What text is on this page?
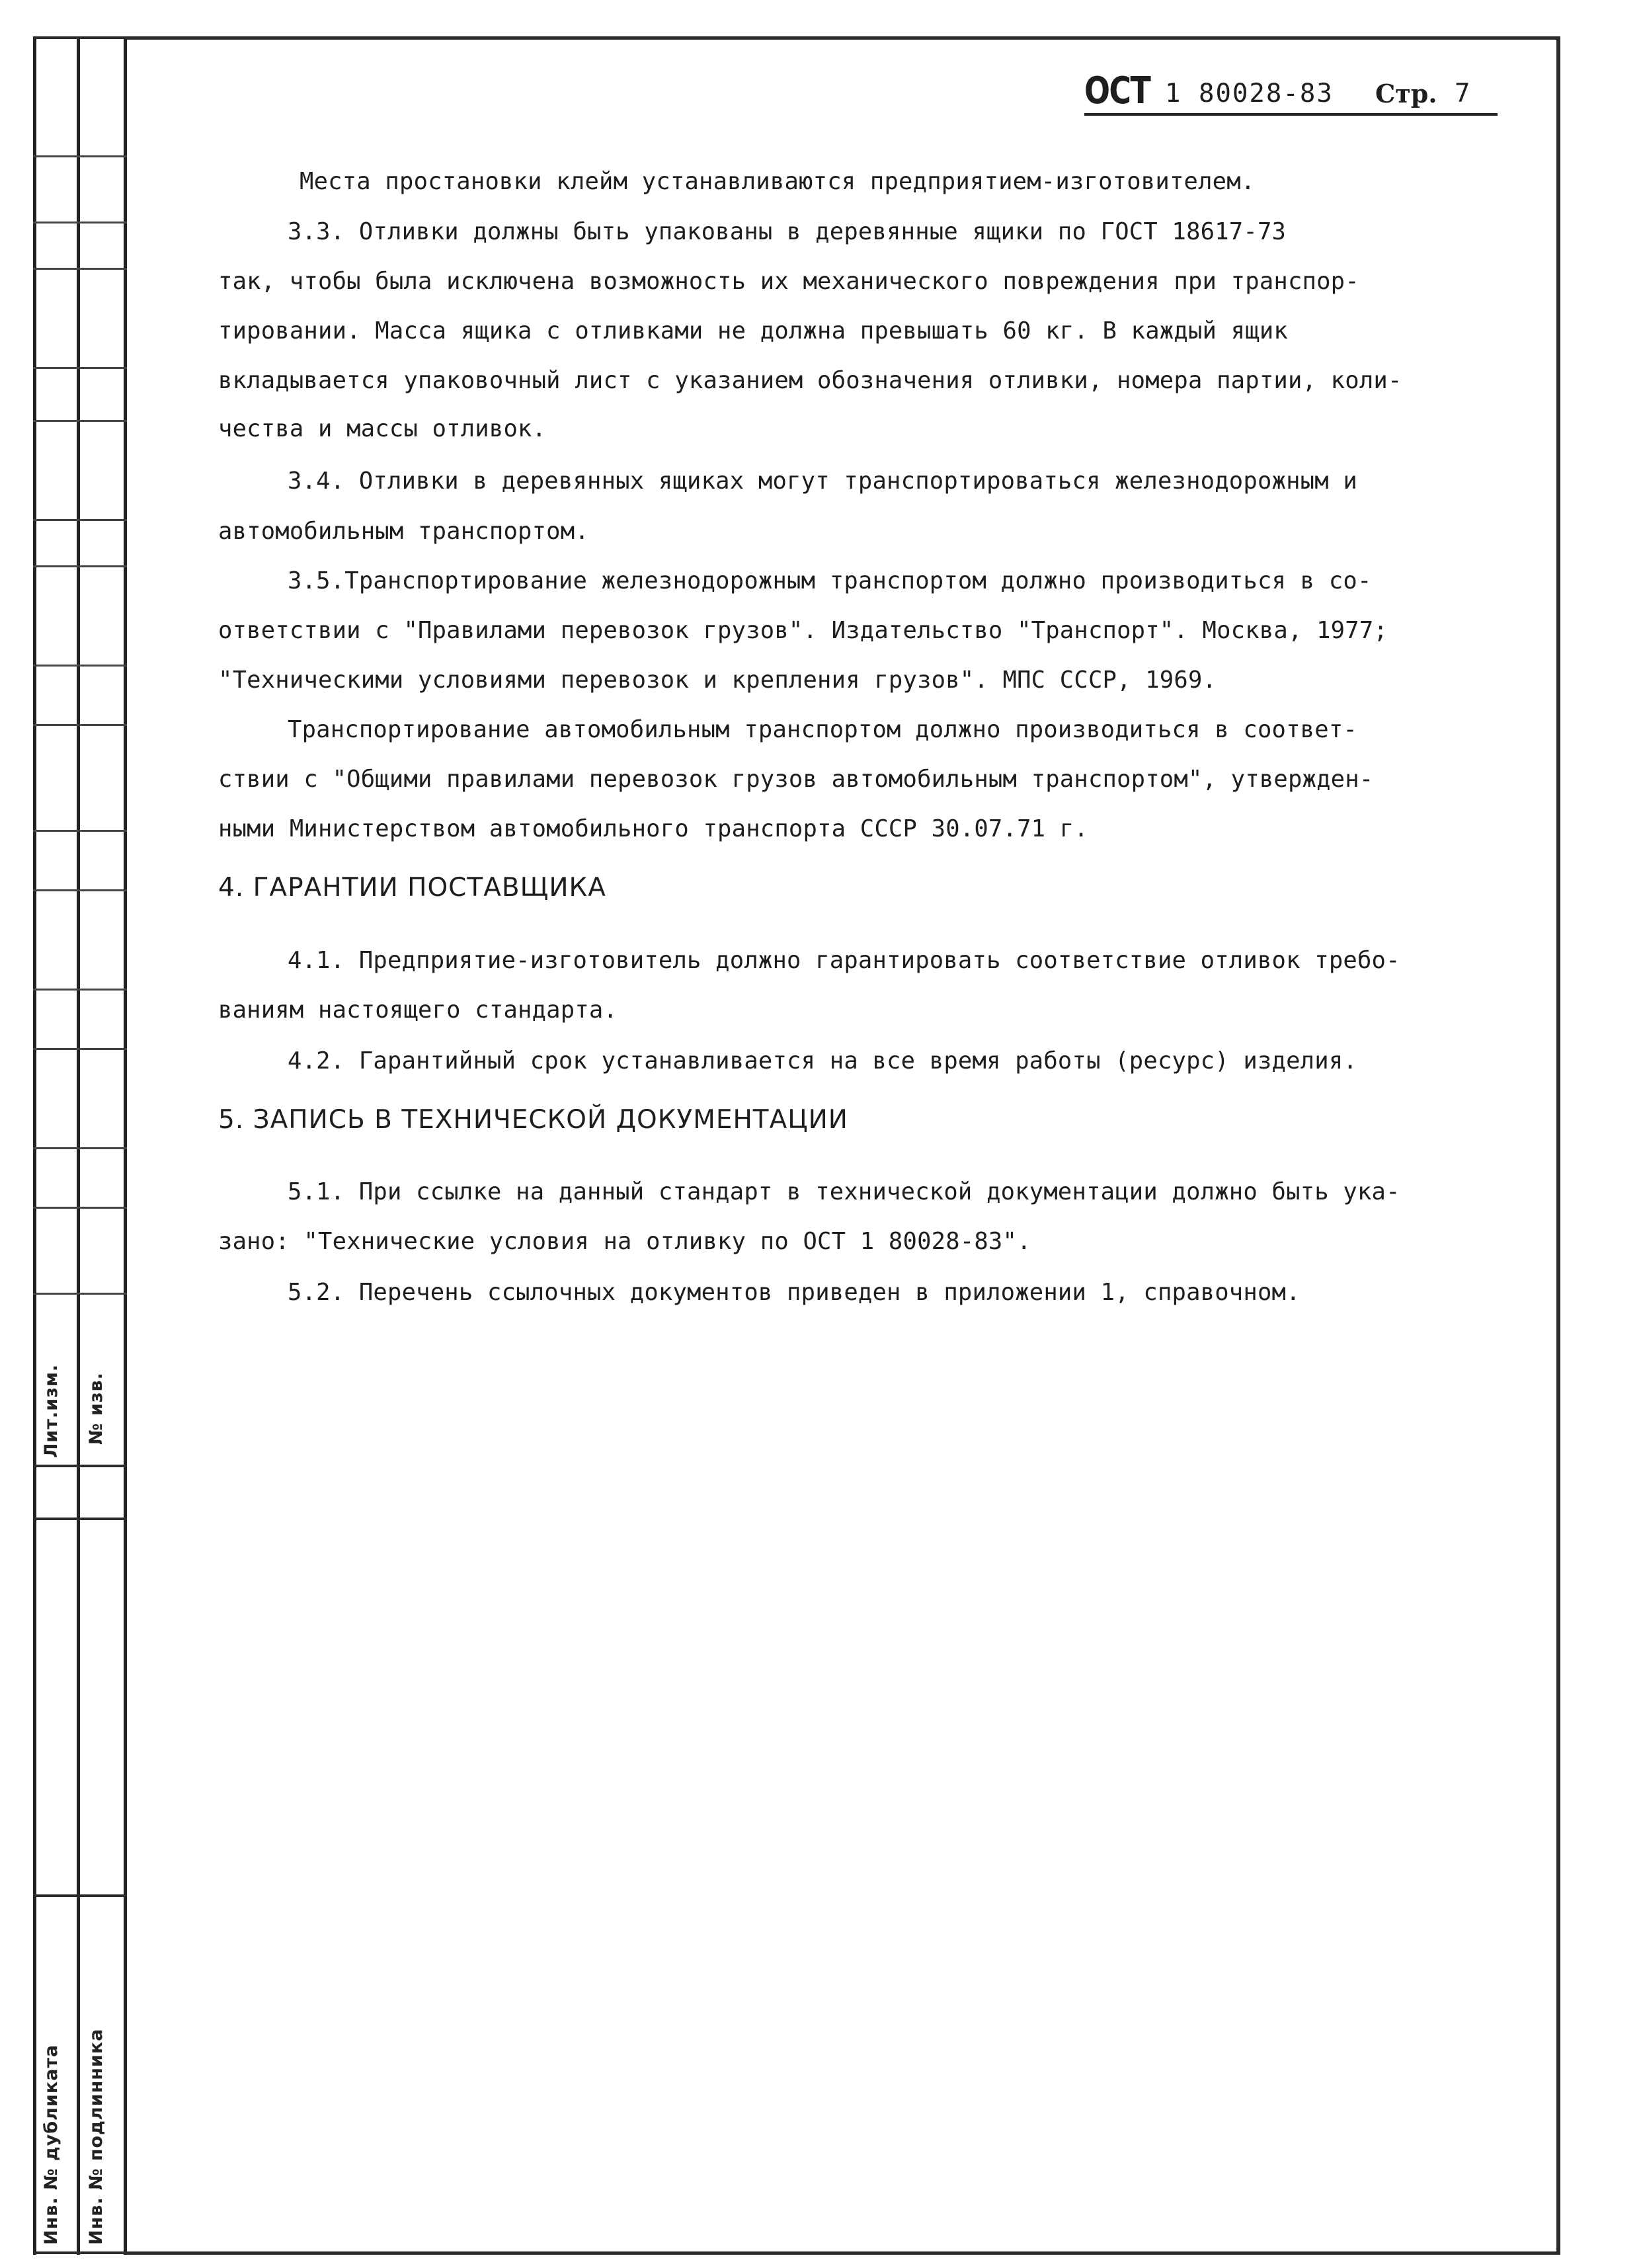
Лит.изм. № изв.
Инв. № дубликата Инв. № подлинника
ОСТ 1 80028-83 Стр. 7
Места простановки клейм устанавливаются предприятием-изготовителем.
3.3. Отливки должны быть упакованы в деревянные ящики по ГОСТ 18617-73
так, чтобы была исключена возможность их механического повреждения при транспор-
тировании. Масса ящика с отливками не должна превышать 60 кг. В каждый ящик
вкладывается упаковочный лист с указанием обозначения отливки, номера партии, коли-
чества и массы отливок.
3.4. Отливки в деревянных ящиках могут транспортироваться железнодорожным и
автомобильным транспортом.
3.5.Транспортирование железнодорожным транспортом должно производиться в со-
ответствии с "Правилами перевозок грузов". Издательство "Транспорт". Москва, 1977;
"Техническими условиями перевозок и крепления грузов". МПС СССР, 1969.
Транспортирование автомобильным транспортом должно производиться в соответ-
ствии с "Общими правилами перевозок грузов автомобильным транспортом", утвержден-
ными Министерством автомобильного транспорта СССР 30.07.71 г.
4. ГАРАНТИИ ПОСТАВЩИКА
4.1. Предприятие-изготовитель должно гарантировать соответствие отливок требо-
ваниям настоящего стандарта.
4.2. Гарантийный срок устанавливается на все время работы (ресурс) изделия.
5. ЗАПИСЬ В ТЕХНИЧЕСКОЙ ДОКУМЕНТАЦИИ
5.1. При ссылке на данный стандарт в технической документации должно быть ука-
зано: "Технические условия на отливку по ОСТ 1 80028-83".
5.2. Перечень ссылочных документов приведен в приложении 1, справочном.
